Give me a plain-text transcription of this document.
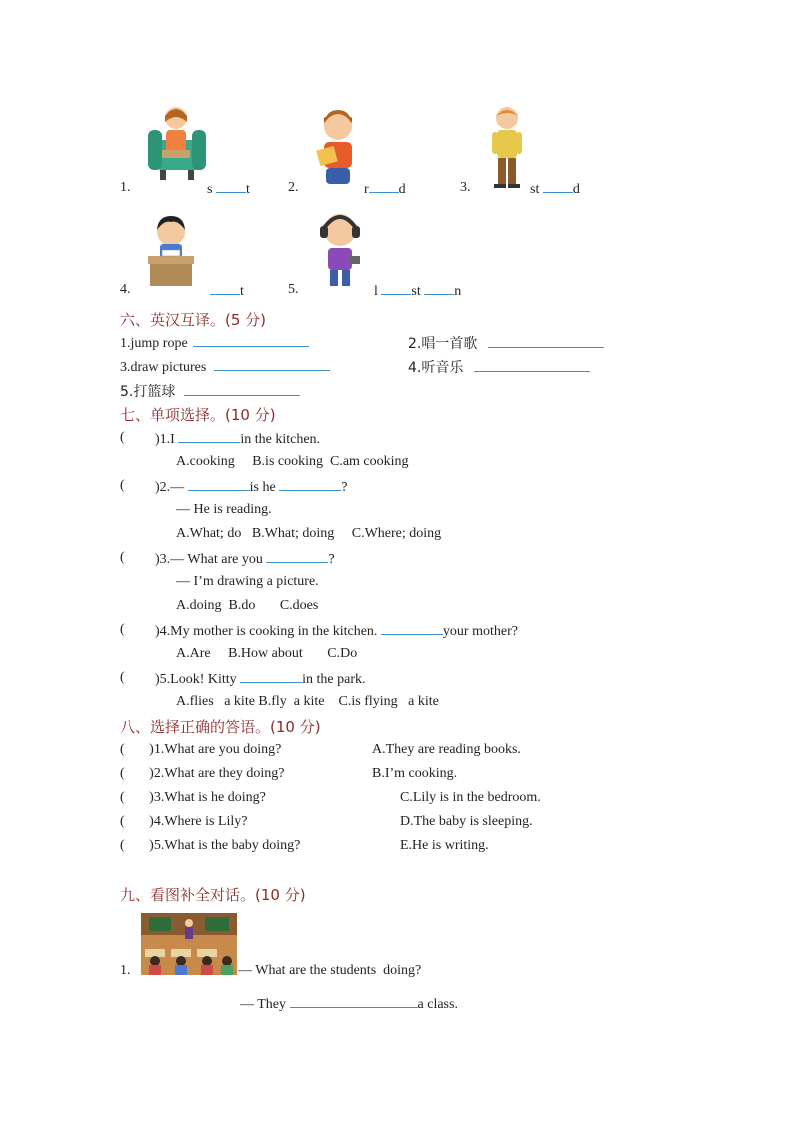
1.	s t	2.	r d	3.	st d
4.	t	5.	l st n
六、英汉互译。(5 分)
1.jump rope	2.唱一首歌
3.draw pictures	4.听音乐
5.打篮球
七、单项选择。(10 分)
( )1.I	in the kitchen.
A.cooking     B.is cooking  C.am cooking
( )2.—	is he	?
— He is reading.
A.What; do   B.What; doing     C.Where; doing
( )3.— What are you	?
— I’m drawing a picture.
A.doing  B.do       C.does
( )4.My mother is cooking in the kitchen.	your mother?
A.Are     B.How about       C.Do
( )5.Look! Kitty	in the park.
A.flies   a kite B.fly  a kite    C.is flying   a kite
八、选择正确的答语。(10 分)
(       )1.What are you doing?
(       )2.What are they doing?
(       )3.What is he doing?
(       )4.Where is Lily?
(       )5.What is the baby doing?
A.They are reading books.
B.I’m cooking.
C.Lily is in the bedroom.
D.The baby is sleeping.
E.He is writing.
九、看图补全对话。(10 分)
1.	— What are the students  doing?
— They	a class.
